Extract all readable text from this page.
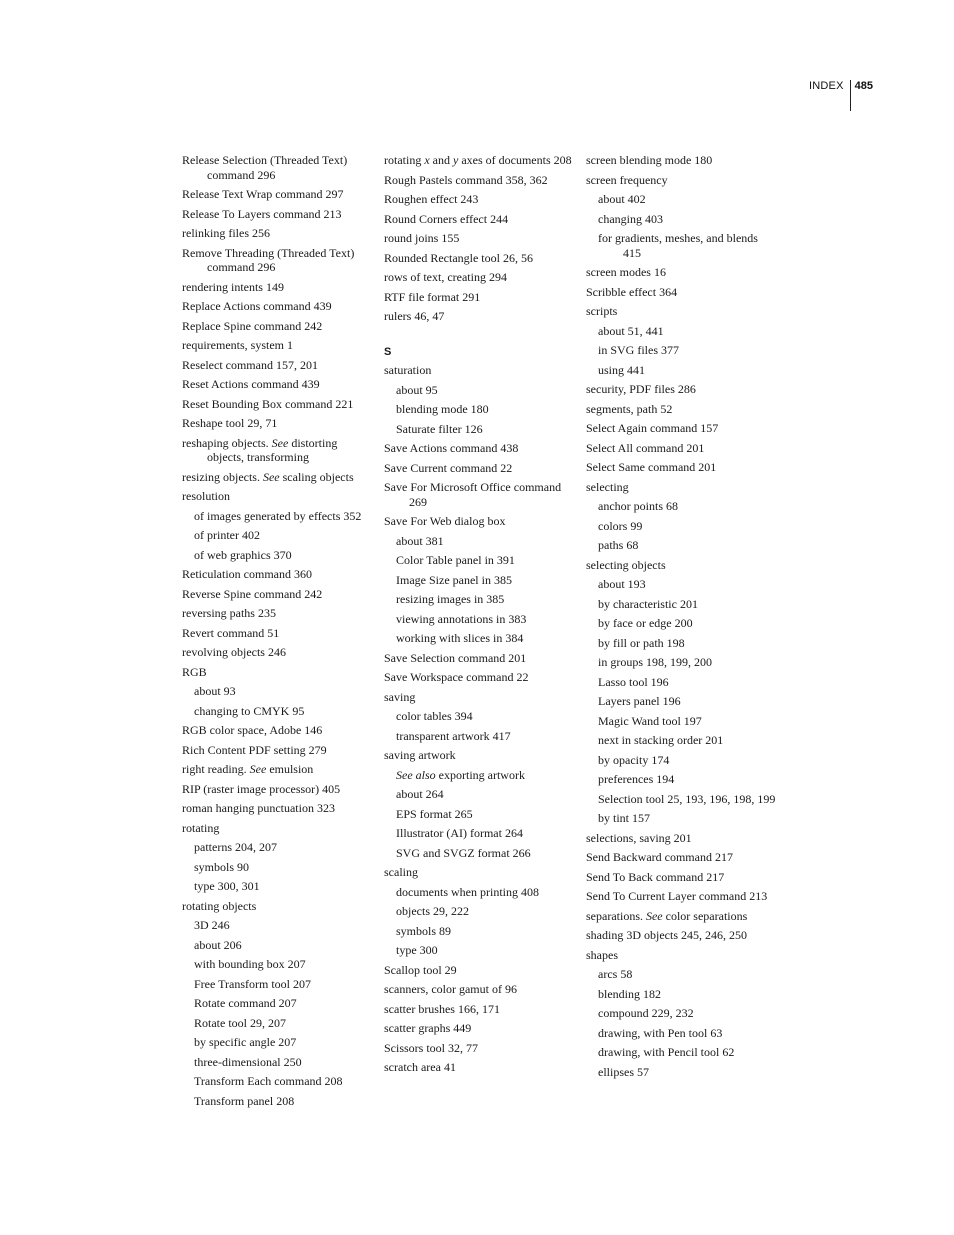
INDEX 485
Release Selection (Threaded Text) command 296
Release Text Wrap command 297
Release To Layers command 213
relinking files 256
Remove Threading (Threaded Text) command 296
rendering intents 149
Replace Actions command 439
Replace Spine command 242
requirements, system 1
Reselect command 157, 201
Reset Actions command 439
Reset Bounding Box command 221
Reshape tool 29, 71
reshaping objects. See distorting objects, transforming
resizing objects. See scaling objects
resolution
of images generated by effects 352
of printer 402
of web graphics 370
Reticulation command 360
Reverse Spine command 242
reversing paths 235
Revert command 51
revolving objects 246
RGB
about 93
changing to CMYK 95
RGB color space, Adobe 146
Rich Content PDF setting 279
right reading. See emulsion
RIP (raster image processor) 405
roman hanging punctuation 323
rotating
patterns 204, 207
symbols 90
type 300, 301
rotating objects
3D 246
about 206
with bounding box 207
Free Transform tool 207
Rotate command 207
Rotate tool 29, 207
by specific angle 207
three-dimensional 250
Transform Each command 208
Transform panel 208
rotating x and y axes of documents 208
Rough Pastels command 358, 362
Roughen effect 243
Round Corners effect 244
round joins 155
Rounded Rectangle tool 26, 56
rows of text, creating 294
RTF file format 291
rulers 46, 47
S
saturation
about 95
blending mode 180
Saturate filter 126
Save Actions command 438
Save Current command 22
Save For Microsoft Office command 269
Save For Web dialog box
about 381
Color Table panel in 391
Image Size panel in 385
resizing images in 385
viewing annotations in 383
working with slices in 384
Save Selection command 201
Save Workspace command 22
saving
color tables 394
transparent artwork 417
saving artwork
See also exporting artwork
about 264
EPS format 265
Illustrator (AI) format 264
SVG and SVGZ format 266
scaling
documents when printing 408
objects 29, 222
symbols 89
type 300
Scallop tool 29
scanners, color gamut of 96
scatter brushes 166, 171
scatter graphs 449
Scissors tool 32, 77
scratch area 41
screen blending mode 180
screen frequency
about 402
changing 403
for gradients, meshes, and blends 415
screen modes 16
Scribble effect 364
scripts
about 51, 441
in SVG files 377
using 441
security, PDF files 286
segments, path 52
Select Again command 157
Select All command 201
Select Same command 201
selecting
anchor points 68
colors 99
paths 68
selecting objects
about 193
by characteristic 201
by face or edge 200
by fill or path 198
in groups 198, 199, 200
Lasso tool 196
Layers panel 196
Magic Wand tool 197
next in stacking order 201
by opacity 174
preferences 194
Selection tool 25, 193, 196, 198, 199
by tint 157
selections, saving 201
Send Backward command 217
Send To Back command 217
Send To Current Layer command 213
separations. See color separations
shading 3D objects 245, 246, 250
shapes
arcs 58
blending 182
compound 229, 232
drawing, with Pen tool 63
drawing, with Pencil tool 62
ellipses 57
